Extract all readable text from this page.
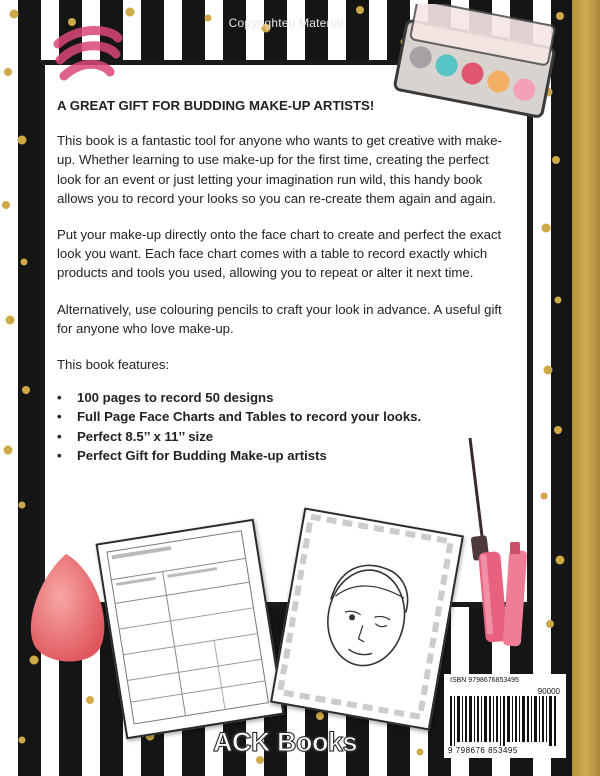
Copyrighted Material
A GREAT GIFT FOR BUDDING MAKE-UP ARTISTS!

This book is a fantastic tool for anyone who wants to get creative with make-up. Whether learning to use make-up for the first time, creating the perfect look for an event or just letting your imagination run wild, this handy book allows you to record your looks so you can re-create them again and again.

Put your make-up directly onto the face chart to create and perfect the exact look you want. Each face chart comes with a table to record exactly which products and tools you used, allowing you to repeat or alter it next time.

Alternatively, use colouring pencils to craft your look in advance. A useful gift for anyone who love make-up.

This book features:

• 100 pages to record 50 designs
• Full Page Face Charts and Tables to record your looks.
• Perfect 8.5’’ x 11’’ size
• Perfect Gift for Budding Make-up artists
ISBN 9798676853495
90000
9 798676 853495
ACK Books
